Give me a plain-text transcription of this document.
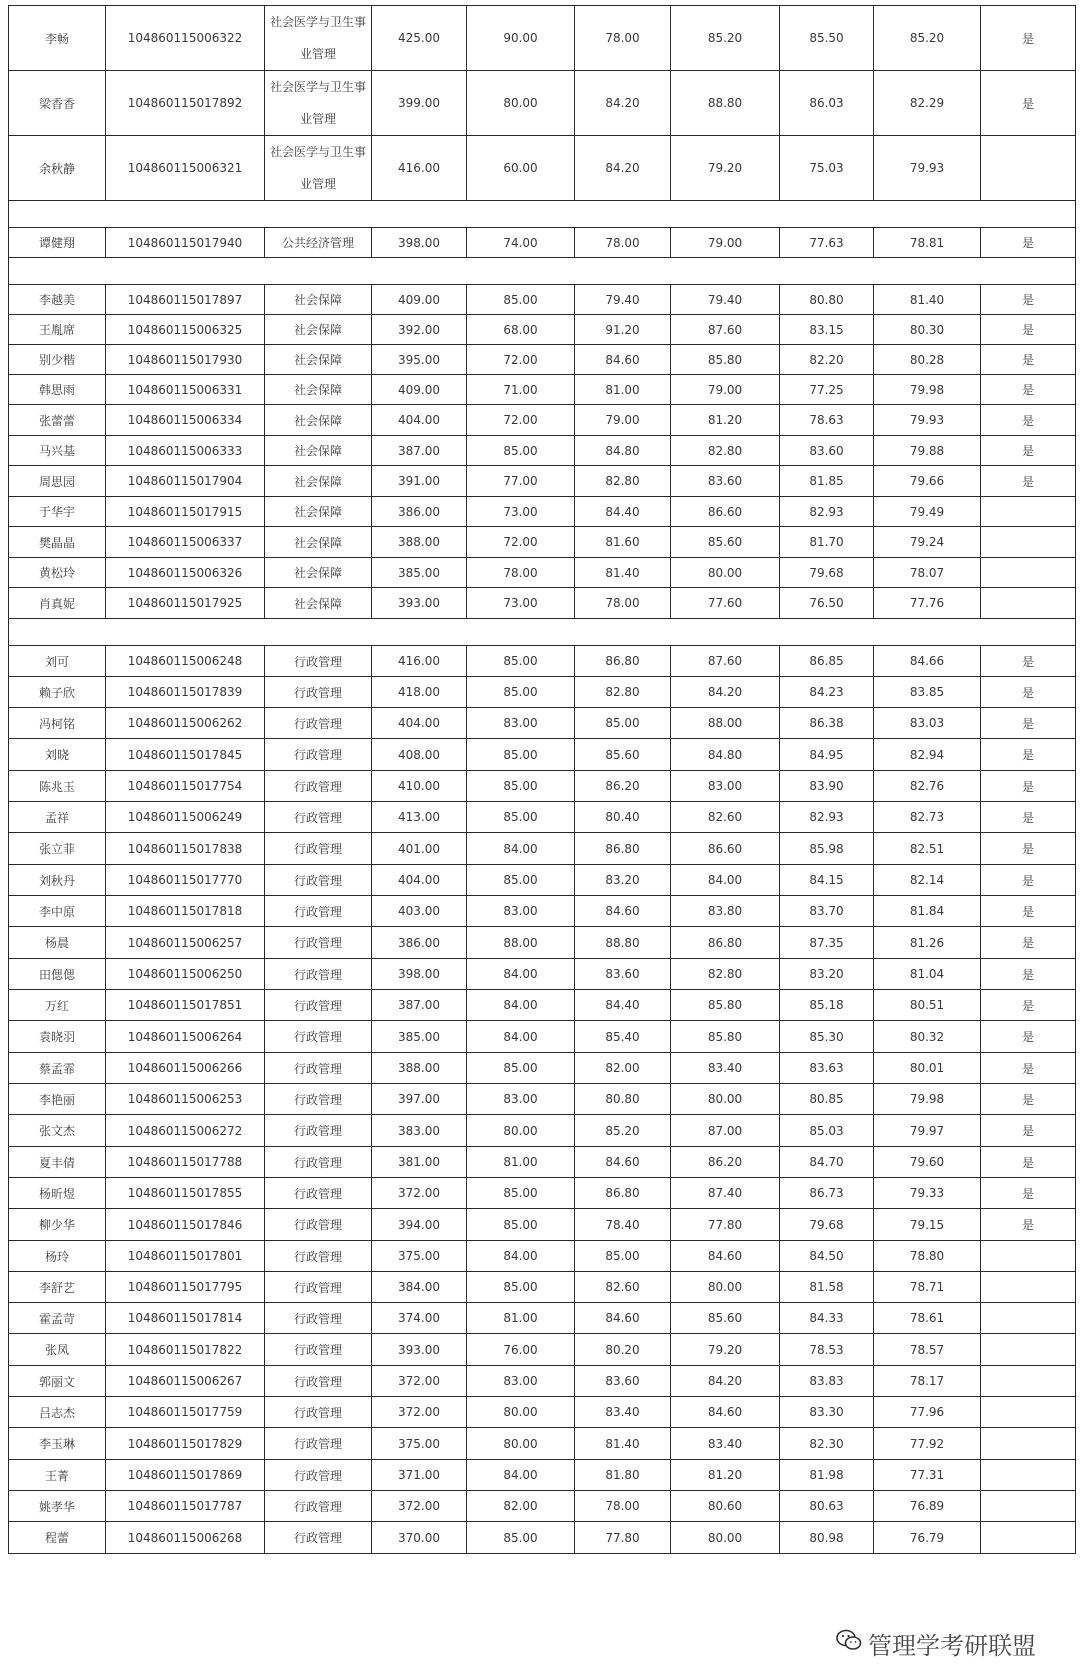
李畅	104860115006322	社会医学与卫生事业管理	425.00	90.00	78.00	85.20	85.50	85.20	是
梁香香	104860115017892	社会医学与卫生事业管理	399.00	80.00	84.20	88.80	86.03	82.29	是
余秋静	104860115006321	社会医学与卫生事业管理	416.00	60.00	84.20	79.20	75.03	79.93	

谭健翔	104860115017940	公共经济管理	398.00	74.00	78.00	79.00	77.63	78.81	是

李越美	104860115017897	社会保障	409.00	85.00	79.40	79.40	80.80	81.40	是
王胤席	104860115006325	社会保障	392.00	68.00	91.20	87.60	83.15	80.30	是
别少楷	104860115017930	社会保障	395.00	72.00	84.60	85.80	82.20	80.28	是
韩思雨	104860115006331	社会保障	409.00	71.00	81.00	79.00	77.25	79.98	是
张蕾蕾	104860115006334	社会保障	404.00	72.00	79.00	81.20	78.63	79.93	是
马兴基	104860115006333	社会保障	387.00	85.00	84.80	82.80	83.60	79.88	是
周思园	104860115017904	社会保障	391.00	77.00	82.80	83.60	81.85	79.66	是
于华宇	104860115017915	社会保障	386.00	73.00	84.40	86.60	82.93	79.49	
樊晶晶	104860115006337	社会保障	388.00	72.00	81.60	85.60	81.70	79.24	
黄松玲	104860115006326	社会保障	385.00	78.00	81.40	80.00	79.68	78.07	
肖真妮	104860115017925	社会保障	393.00	73.00	78.00	77.60	76.50	77.76	

刘可	104860115006248	行政管理	416.00	85.00	86.80	87.60	86.85	84.66	是
赖子欣	104860115017839	行政管理	418.00	85.00	82.80	84.20	84.23	83.85	是
冯柯铭	104860115006262	行政管理	404.00	83.00	85.00	88.00	86.38	83.03	是
刘晓	104860115017845	行政管理	408.00	85.00	85.60	84.80	84.95	82.94	是
陈兆玉	104860115017754	行政管理	410.00	85.00	86.20	83.00	83.90	82.76	是
孟祥	104860115006249	行政管理	413.00	85.00	80.40	82.60	82.93	82.73	是
张立菲	104860115017838	行政管理	401.00	84.00	86.80	86.60	85.98	82.51	是
刘秋丹	104860115017770	行政管理	404.00	85.00	83.20	84.00	84.15	82.14	是
李中原	104860115017818	行政管理	403.00	83.00	84.60	83.80	83.70	81.84	是
杨晨	104860115006257	行政管理	386.00	88.00	88.80	86.80	87.35	81.26	是
田偲偲	104860115006250	行政管理	398.00	84.00	83.60	82.80	83.20	81.04	是
万红	104860115017851	行政管理	387.00	84.00	84.40	85.80	85.18	80.51	是
袁晓羽	104860115006264	行政管理	385.00	84.00	85.40	85.80	85.30	80.32	是
蔡孟霏	104860115006266	行政管理	388.00	85.00	82.00	83.40	83.63	80.01	是
李艳丽	104860115006253	行政管理	397.00	83.00	80.80	80.00	80.85	79.98	是
张文杰	104860115006272	行政管理	383.00	80.00	85.20	87.00	85.03	79.97	是
夏丰倩	104860115017788	行政管理	381.00	81.00	84.60	86.20	84.70	79.60	是
杨昕煜	104860115017855	行政管理	372.00	85.00	86.80	87.40	86.73	79.33	是
柳少华	104860115017846	行政管理	394.00	85.00	78.40	77.80	79.68	79.15	是
杨玲	104860115017801	行政管理	375.00	84.00	85.00	84.60	84.50	78.80	
李舒艺	104860115017795	行政管理	384.00	85.00	82.60	80.00	81.58	78.71	
霍孟苛	104860115017814	行政管理	374.00	81.00	84.60	85.60	84.33	78.61	
张凤	104860115017822	行政管理	393.00	76.00	80.20	79.20	78.53	78.57	
郭丽文	104860115006267	行政管理	372.00	83.00	83.60	84.20	83.83	78.17	
吕志杰	104860115017759	行政管理	372.00	80.00	83.40	84.60	83.30	77.96	
李玉琳	104860115017829	行政管理	375.00	80.00	81.40	83.40	82.30	77.92	
王菁	104860115017869	行政管理	371.00	84.00	81.80	81.20	81.98	77.31	
姚孝华	104860115017787	行政管理	372.00	82.00	78.00	80.60	80.63	76.89	
程蕾	104860115006268	行政管理	370.00	85.00	77.80	80.00	80.98	76.79	
管理学考研联盟
